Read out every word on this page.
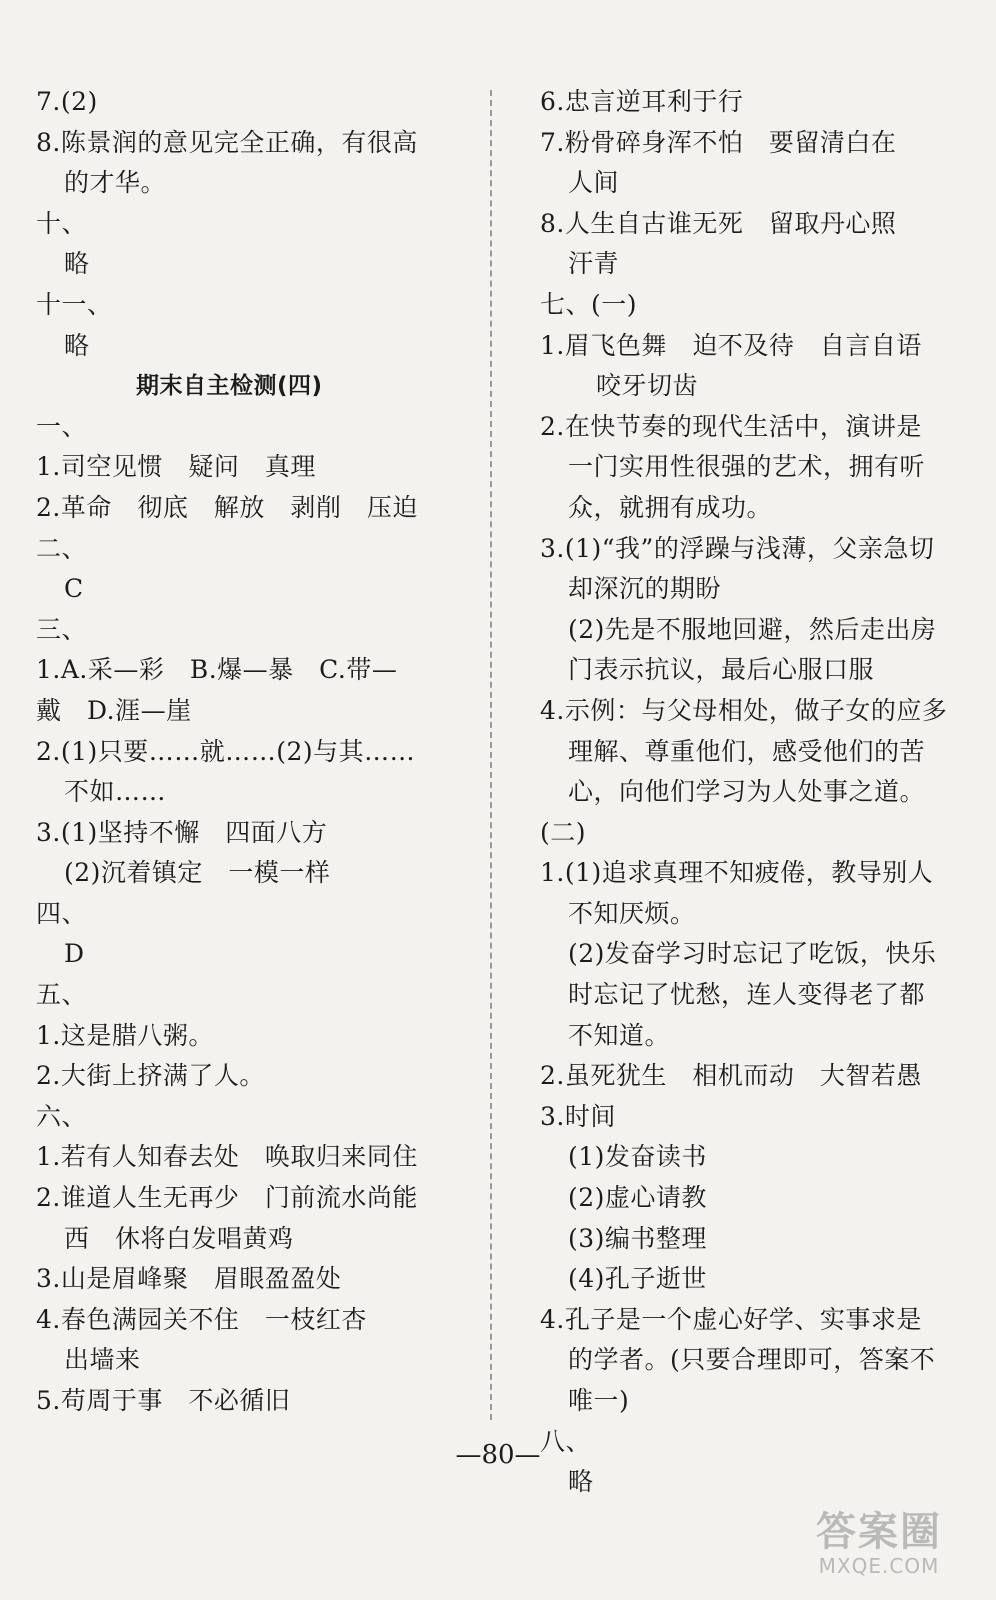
7.(2)
8.陈景润的意见完全正确，有很高
的才华。
十、
略
十一、
略
期末自主检测(四)
一、
1.司空见惯　疑问　真理
2.革命　彻底　解放　剥削　压迫
二、
C
三、
1.A.采—彩　B.爆—暴　C.带—
戴　D.涯—崖
2.(1)只要……就……(2)与其……
不如……
3.(1)坚持不懈　四面八方
(2)沉着镇定　一模一样
四、
D
五、
1.这是腊八粥。
2.大街上挤满了人。
六、
1.若有人知春去处　唤取归来同住
2.谁道人生无再少　门前流水尚能
西　休将白发唱黄鸡
3.山是眉峰聚　眉眼盈盈处
4.春色满园关不住　一枝红杏
出墙来
5.苟周于事　不必循旧
6.忠言逆耳利于行
7.粉骨碎身浑不怕　要留清白在
人间
8.人生自古谁无死　留取丹心照
汗青
七、(一)
1.眉飞色舞　迫不及待　自言自语
咬牙切齿
2.在快节奏的现代生活中，演讲是
一门实用性很强的艺术，拥有听
众，就拥有成功。
3.(1)“我”的浮躁与浅薄，父亲急切
却深沉的期盼
(2)先是不服地回避，然后走出房
门表示抗议，最后心服口服
4.示例：与父母相处，做子女的应多
理解、尊重他们，感受他们的苦
心，向他们学习为人处事之道。
(二)
1.(1)追求真理不知疲倦，教导别人
不知厌烦。
(2)发奋学习时忘记了吃饭，快乐
时忘记了忧愁，连人变得老了都
不知道。
2.虽死犹生　相机而动　大智若愚
3.时间
(1)发奋读书
(2)虚心请教
(3)编书整理
(4)孔子逝世
4.孔子是一个虚心好学、实事求是
的学者。(只要合理即可，答案不
唯一)
八、
略
—80—
答案圈
MXQE.COM
